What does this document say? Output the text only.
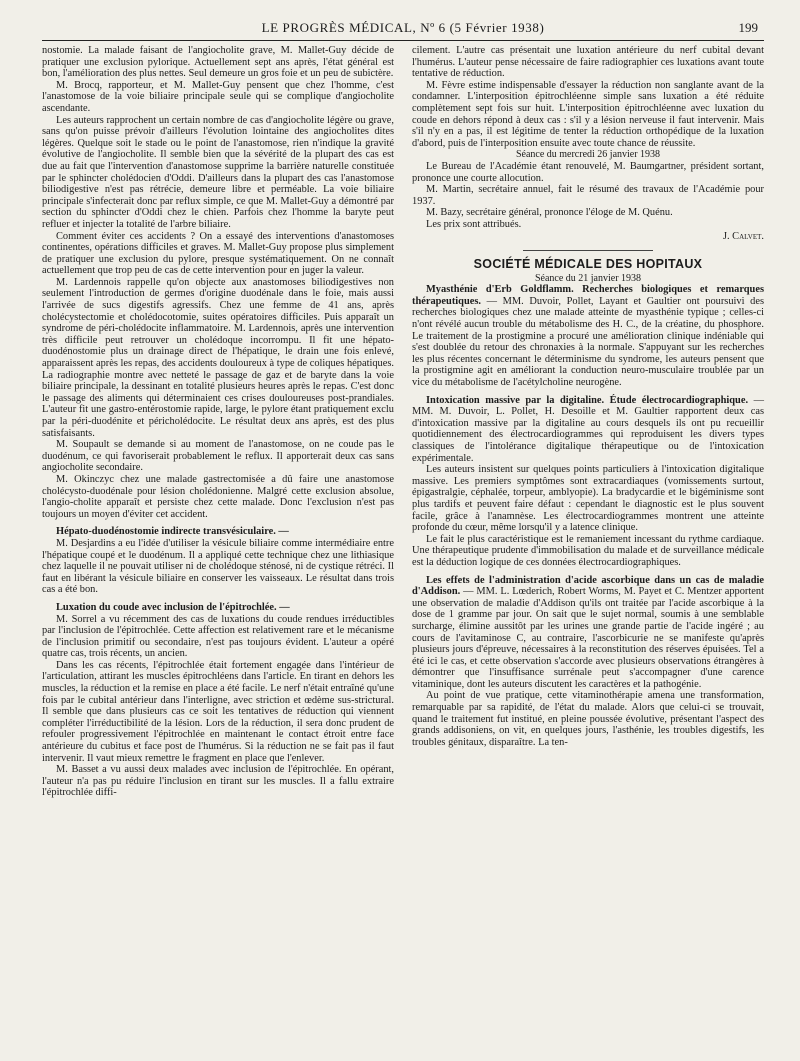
LE PROGRÈS MÉDICAL, Nº 6 (5 Février 1938)	199

nostomie. La malade faisant de l'angiocholite grave, M. Mallet-Guy décide de pratiquer une exclusion pylorique. Actuellement sept ans après, l'état général est bon, l'amélioration des plus nettes. Seul demeure un gros foie et un peu de subictère.

M. Brocq, rapporteur, et M. Mallet-Guy pensent que chez l'homme, c'est l'anastomose de la voie biliaire principale seule qui se complique d'angiocholite ascendante.

Les auteurs rapprochent un certain nombre de cas d'angiocholite légère ou grave, sans qu'on puisse prévoir d'ailleurs l'évolution lointaine des angiocholites dites légères. Quelque soit le stade ou le point de l'anastomose, rien n'indique la gravité évolutive de l'angiocholite. Il semble bien que la sévérité de la plupart des cas est due au fait que l'intervention d'anastomose supprime la barrière naturelle constituée par le sphincter cholédocien d'Oddi. D'ailleurs dans la plupart des cas l'anastomose biliodigestive n'est pas rétrécie, demeure libre et perméable. La voie biliaire principale s'infecterait donc par reflux simple, ce que M. Mallet-Guy a démontré par section du sphincter d'Oddi chez le chien. Parfois chez l'homme la baryte peut refluer et injecter la totalité de l'arbre biliaire.

Comment éviter ces accidents ? On a essayé des interventions d'anastomoses continentes, opérations difficiles et graves. M. Mallet-Guy propose plus simplement de pratiquer une exclusion du pylore, presque systématiquement. On ne connaît actuellement que trop peu de cas de cette intervention pour en juger la valeur.

M. Lardennois rappelle qu'on objecte aux anastomoses biliodigestives non seulement l'introduction de germes d'origine duodénale dans le foie, mais aussi l'arrivée de sucs digestifs agressifs. Chez une femme de 41 ans, après cholécystectomie et cholédocotomie, suites opératoires difficiles. Puis apparaît un syndrome de péri-cholédocite inflammatoire. M. Lardennois, après une intervention très difficile peut retrouver un cholédoque incorrompu. Il fit une hépato-duodénostomie plus un drainage direct de l'hépatique, le drain une fois enlevé, apparaissent après les repas, des accidents douloureux à type de coliques hépatiques. La radiographie montre avec netteté le passage de gaz et de baryte dans la voie biliaire principale, la dessinant en totalité plusieurs heures après le repas. C'est donc le passage des aliments qui déterminaient ces crises douloureuses post-prandiales. L'auteur fit une gastro-entérostomie rapide, large, le pylore étant pratiquement exclu par la péri-duodénite et péricholédocite. Le résultat deux ans après, est des plus satisfaisants.

M. Soupault se demande si au moment de l'anastomose, on ne coude pas le duodénum, ce qui favoriserait probablement le reflux. Il apporterait deux cas sans angiocholite secondaire.

M. Okinczyc chez une malade gastrectomisée a dû faire une anastomose cholécysto-duodénale pour lésion cholédonienne. Malgré cette exclusion absolue, l'angio-cholite apparaît et persiste chez cette malade. Donc l'exclusion n'est pas toujours un moyen d'éviter cet accident.

Hépato-duodénostomie indirecte transvésiculaire. —

M. Desjardins a eu l'idée d'utiliser la vésicule biliaire comme intermédiaire entre l'hépatique coupé et le duodénum. Il a appliqué cette technique chez une lithiasique chez laquelle il ne pouvait utiliser ni de cholédoque sténosé, ni de cystique rétréci. Il faut en libérant la vésicule biliaire en conserver les vaisseaux. Le résultat dans trois cas a été bon.

Luxation du coude avec inclusion de l'épitrochlée. —

M. Sorrel a vu récemment des cas de luxations du coude rendues irréductibles par l'inclusion de l'épitrochlée. Cette affection est relativement rare et le mécanisme de l'inclusion primitif ou secondaire, n'est pas toujours évident. L'auteur a opéré quatre cas, trois récents, un ancien.

Dans les cas récents, l'épitrochlée était fortement engagée dans l'intérieur de l'articulation, attirant les muscles épitrochléens dans l'article. En tirant en dehors les muscles, la réduction et la remise en place a été facile. Le nerf n'était entraîné qu'une fois par le cubital antérieur dans l'interligne, avec striction et œdème sus-strictural. Il semble que dans plusieurs cas ce soit les tentatives de réduction qui viennent compléter l'irréductibilité de la lésion. Lors de la réduction, il sera donc prudent de refouler progressivement l'épitrochlée en maintenant le contact étroit entre face antérieure du cubitus et face post de l'humérus. Si la réduction ne se fait pas il faut intervenir. Il vaut mieux remettre le fragment en place que l'enlever.

M. Basset a vu aussi deux malades avec inclusion de l'épitrochlée. En opérant, l'auteur n'a pas pu réduire l'inclusion en tirant sur les muscles. Il a fallu extraire l'épitrochlée diffi-

cilement. L'autre cas présentait une luxation antérieure du nerf cubital devant l'humérus. L'auteur pense nécessaire de faire radiographier ces luxations avant toute tentative de réduction.

M. Fèvre estime indispensable d'essayer la réduction non sanglante avant de la condamner. L'interposition épitrochléenne simple sans luxation a été réduite complètement sept fois sur huit. L'interposition épitrochléenne avec luxation du coude en dehors répond à deux cas : s'il y a lésion nerveuse il faut intervenir. Mais s'il n'y en a pas, il est légitime de tenter la réduction orthopédique de la luxation d'abord, puis de l'interposition ensuite avec toute chance de réussite.

Séance du mercredi 26 janvier 1938

Le Bureau de l'Académie étant renouvelé, M. Baumgartner, président sortant, prononce une courte allocution.

M. Martin, secrétaire annuel, fait le résumé des travaux de l'Académie pour 1937.

M. Bazy, secrétaire général, prononce l'éloge de M. Quénu.

Les prix sont attribués.

J. Calvet.

SOCIÉTÉ MÉDICALE DES HOPITAUX

Séance du 21 janvier 1938

Myasthénie d'Erb Goldflamm. Recherches biologiques et remarques thérapeutiques. — MM. Duvoir, Pollet, Layant et Gaultier ont poursuivi des recherches biologiques chez une malade atteinte de myasthénie typique ; celles-ci n'ont révélé aucun trouble du métabolisme des H. C., de la créatine, du phosphore. Le traitement de la prostigmine a procuré une amélioration clinique indéniable qui s'est doublée du retour des chronaxies à la normale. S'appuyant sur les recherches les plus récentes concernant le déterminisme du syndrome, les auteurs pensent que la prostigmine agit en améliorant la conduction neuro-musculaire troublée par un vice du métabolisme de l'acétylcholine neurogène.

Intoxication massive par la digitaline. Étude électrocardiographique. — MM. M. Duvoir, L. Pollet, H. Desoille et M. Gaultier rapportent deux cas d'intoxication massive par la digitaline au cours desquels ils ont pu recueillir quotidiennement des électrocardiogrammes qui reproduisent les divers types classiques de l'intolérance digitalique thérapeutique ou de l'intoxication expérimentale.

Les auteurs insistent sur quelques points particuliers à l'intoxication digitalique massive. Les premiers symptômes sont extracardiaques (vomissements surtout, épigastralgie, céphalée, torpeur, amblyopie). La bradycardie et le bigéminisme sont plus tardifs et peuvent faire défaut : cependant le diagnostic est le plus souvent facile, grâce à l'anamnèse. Les électrocardiogrammes montrent une atteinte profonde du cœur, même lorsqu'il y a latence clinique.

Le fait le plus caractéristique est le remaniement incessant du rythme cardiaque. Une thérapeutique prudente d'immobilisation du malade et de surveillance médicale est la déduction logique de ces données électrocardiographiques.

Les effets de l'administration d'acide ascorbique dans un cas de maladie d'Addison. — MM. L. Lœderich, Robert Worms, M. Payet et C. Mentzer apportent une observation de maladie d'Addison qu'ils ont traitée par l'acide ascorbique à la dose de 1 gramme par jour. On sait que le sujet normal, soumis à une semblable surcharge, élimine aussitôt par les urines une grande partie de l'acide ingéré ; au cours de l'avitaminose C, au contraire, l'ascorbicurie ne se manifeste qu'après plusieurs jours d'épreuve, nécessaires à la reconstitution des réserves épuisées. Tel a été ici le cas, et cette observation s'accorde avec plusieurs observations étrangères à démontrer que l'insuffisance surrénale peut s'accompagner d'une carence vitaminique, dont les auteurs discutent les caractères et la pathogénie.

Au point de vue pratique, cette vitaminothérapie amena une transformation, remarquable par sa rapidité, de l'état du malade. Alors que celui-ci se trouvait, quand le traitement fut institué, en pleine poussée évolutive, présentant l'aspect des grands addisoniens, on vit, en quelques jours, l'asthénie, les troubles digestifs, les troubles génitaux, disparaître. La ten-
